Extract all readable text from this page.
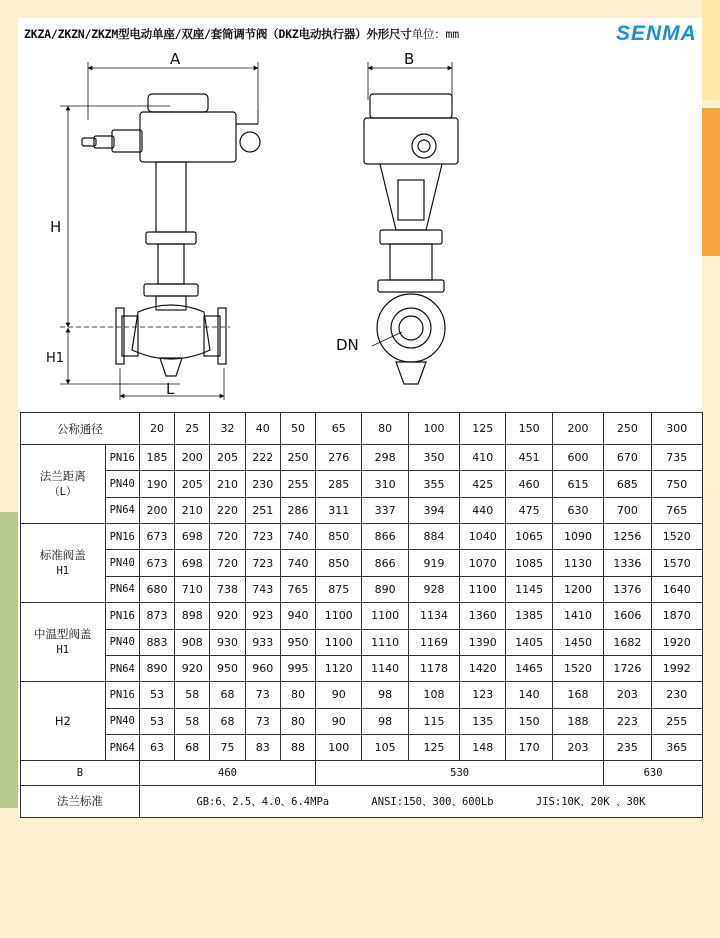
ZKZA/ZKZN/ZKZM型电动单座/双座/套筒调节阀（DKZ电动执行器）外形尺寸单位：mm	SENMA
A	B
H
H1
L
DN
公称通径		20	25	32	40	50	65	80	100	125	150	200	250	300

法兰距离
（L）	PN16	185	200	205	222	250	276	298	350	410	451	600	670	735
	PN40	190	205	210	230	255	285	310	355	425	460	615	685	750
	PN64	200	210	220	251	286	311	337	394	440	475	630	700	765

标准阀盖
H1	PN16	673	698	720	723	740	850	866	884	1040	1065	1090	1256	1520
	PN40	673	698	720	723	740	850	866	919	1070	1085	1130	1336	1570
	PN64	680	710	738	743	765	875	890	928	1100	1145	1200	1376	1640

中温型阀盖
H1	PN16	873	898	920	923	940	1100	1100	1134	1360	1385	1410	1606	1870
	PN40	883	908	930	933	950	1100	1110	1169	1390	1405	1450	1682	1920
	PN64	890	920	950	960	995	1120	1140	1178	1420	1465	1520	1726	1992

H2	PN16	53	58	68	73	80	90	98	108	123	140	168	203	230
	PN40	53	58	68	73	80	90	98	115	135	150	188	223	255
	PN64	63	68	75	83	88	100	105	125	148	170	203	235	365
B		460					530						630	
法兰标准		GB:6、2.5、4.0、6.4MPa ANSI:150、300、600Lb JIS:10K、20K 、30K												
